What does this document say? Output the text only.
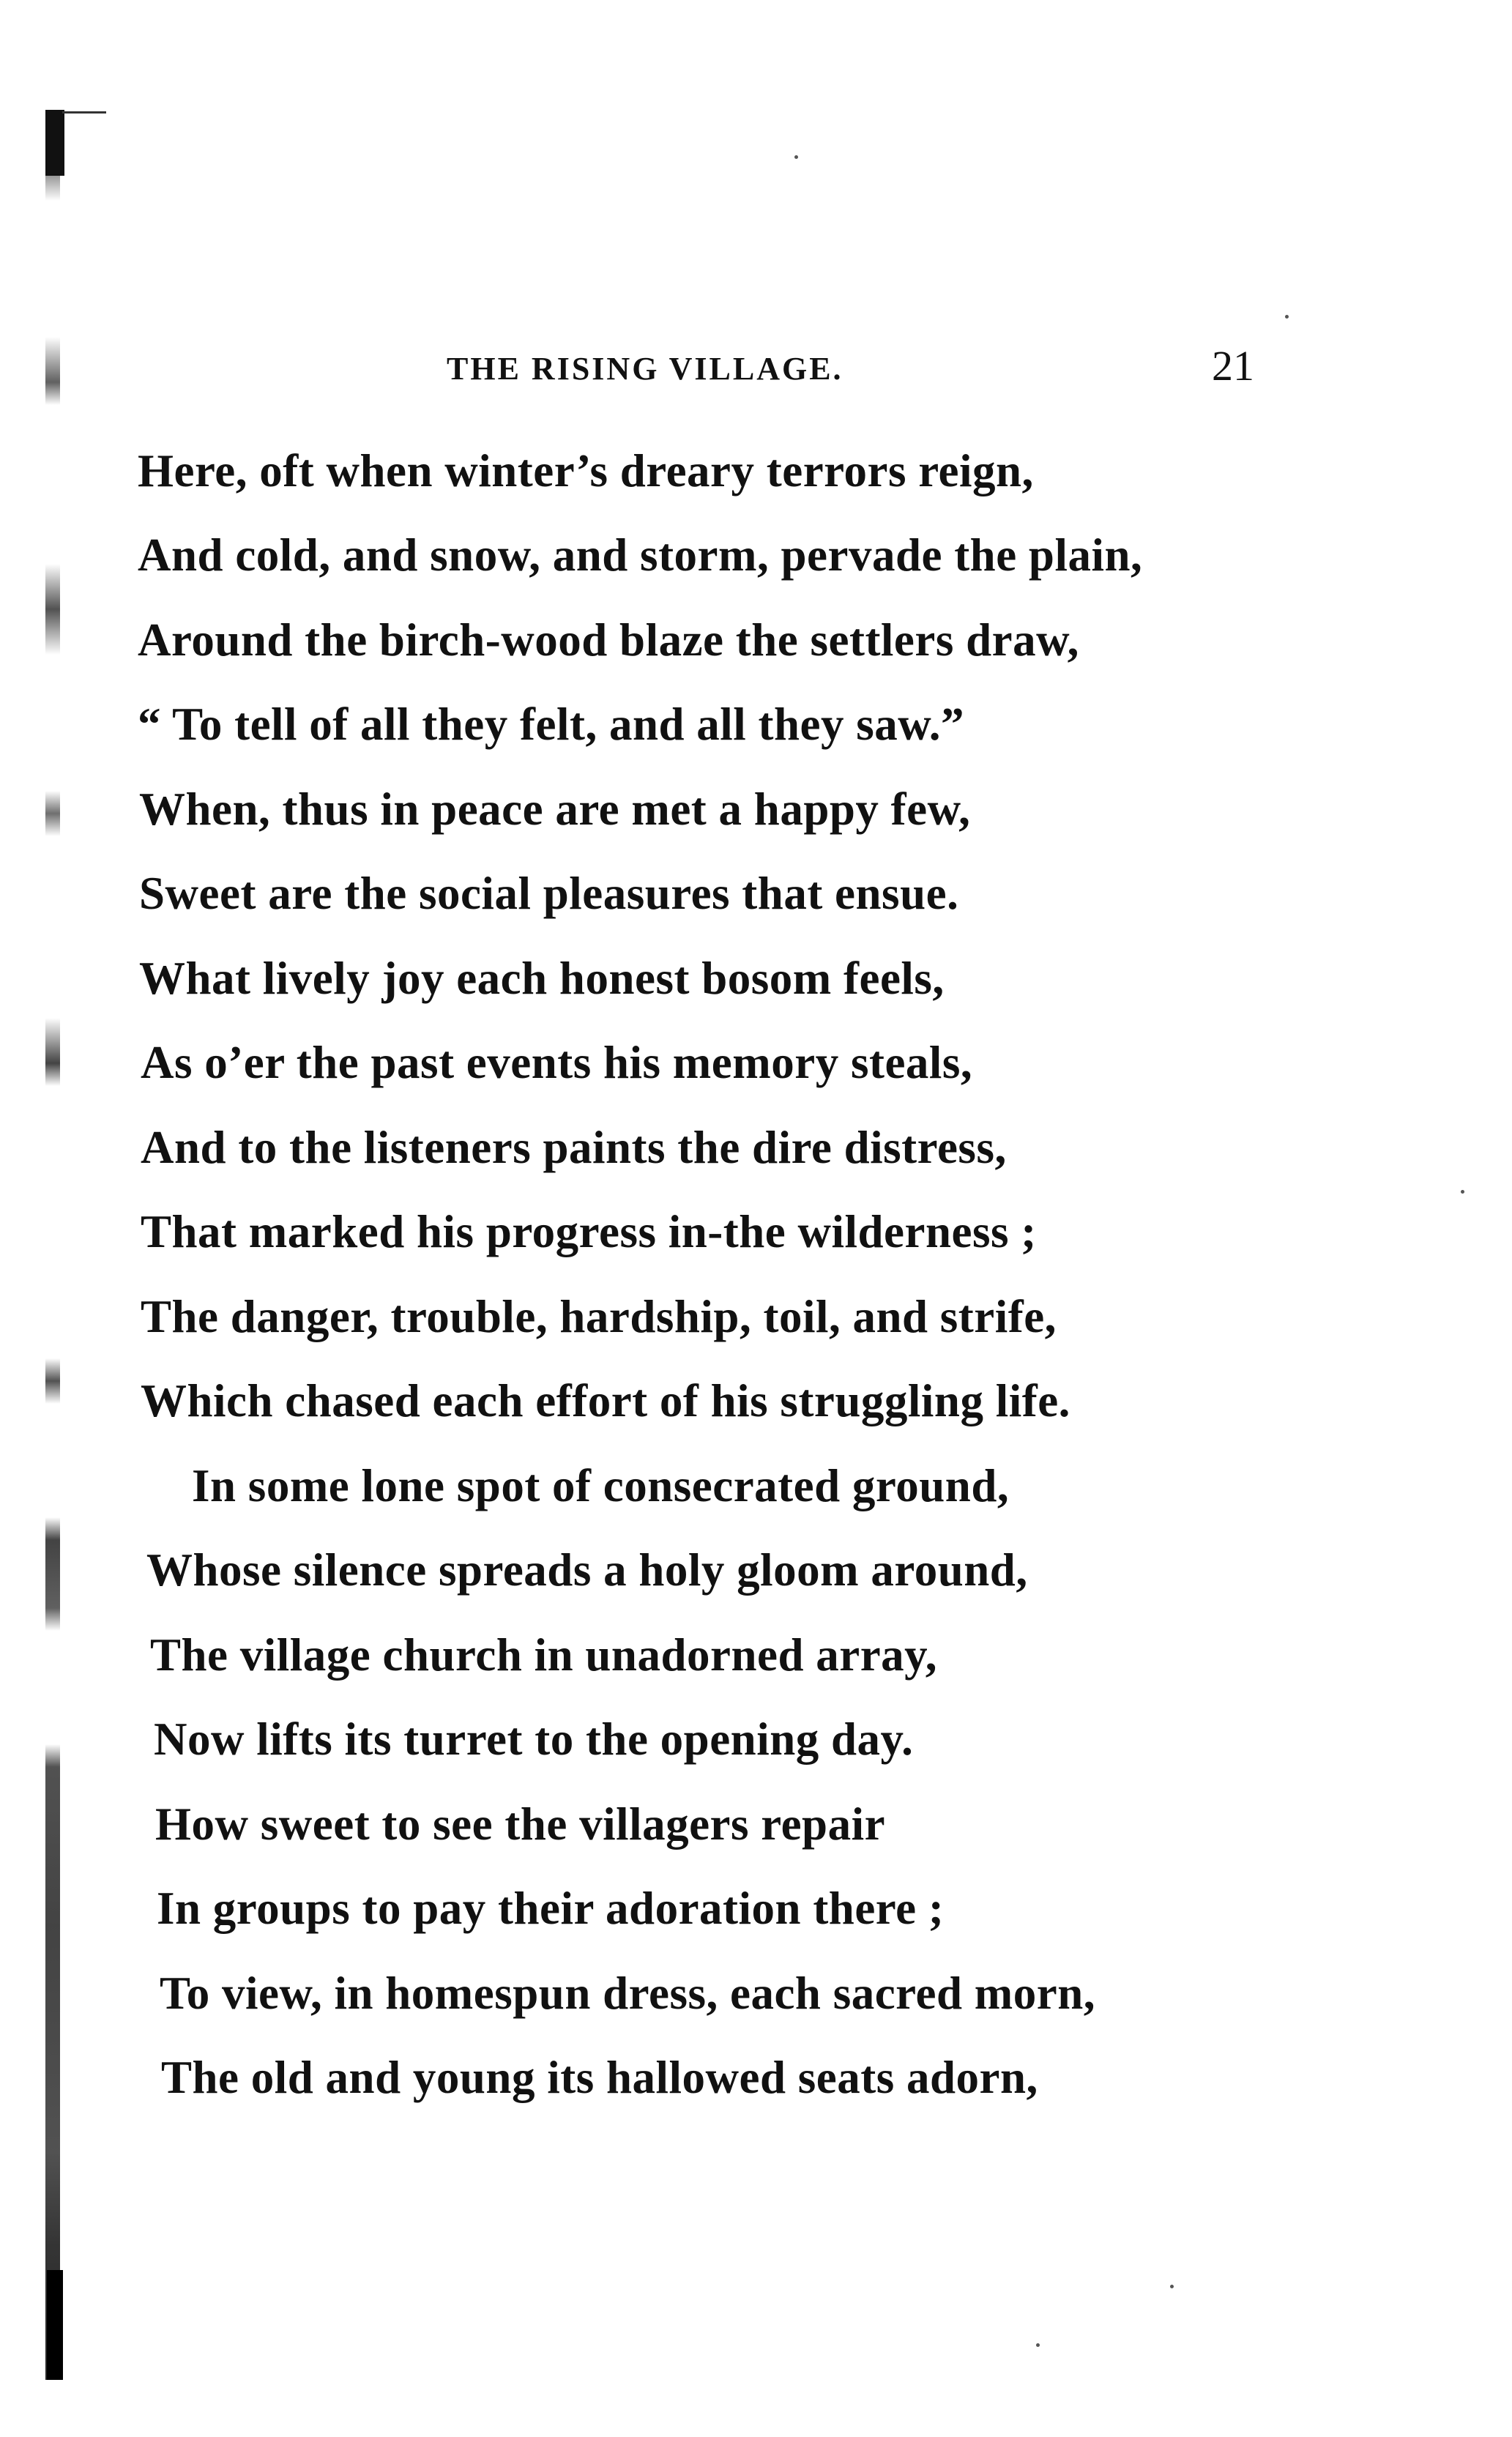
THE RISING VILLAGE.	21
Here, oft when winter’s dreary terrors reign,
And cold, and snow, and storm, pervade the plain,
Around the birch-wood blaze the settlers draw,
“ To tell of all they felt, and all they saw.”
When, thus in peace are met a happy few,
Sweet are the social pleasures that ensue.
What lively joy each honest bosom feels,
As o’er the past events his memory steals,
And to the listeners paints the dire distress,
That marked his progress in-the wilderness ;
The danger, trouble, hardship, toil, and strife,
Which chased each effort of his struggling life.
In some lone spot of consecrated ground,
Whose silence spreads a holy gloom around,
The village church in unadorned array,
Now lifts its turret to the opening day.
How sweet to see the villagers repair
In groups to pay their adoration there ;
To view, in homespun dress, each sacred morn,
The old and young its hallowed seats adorn,
